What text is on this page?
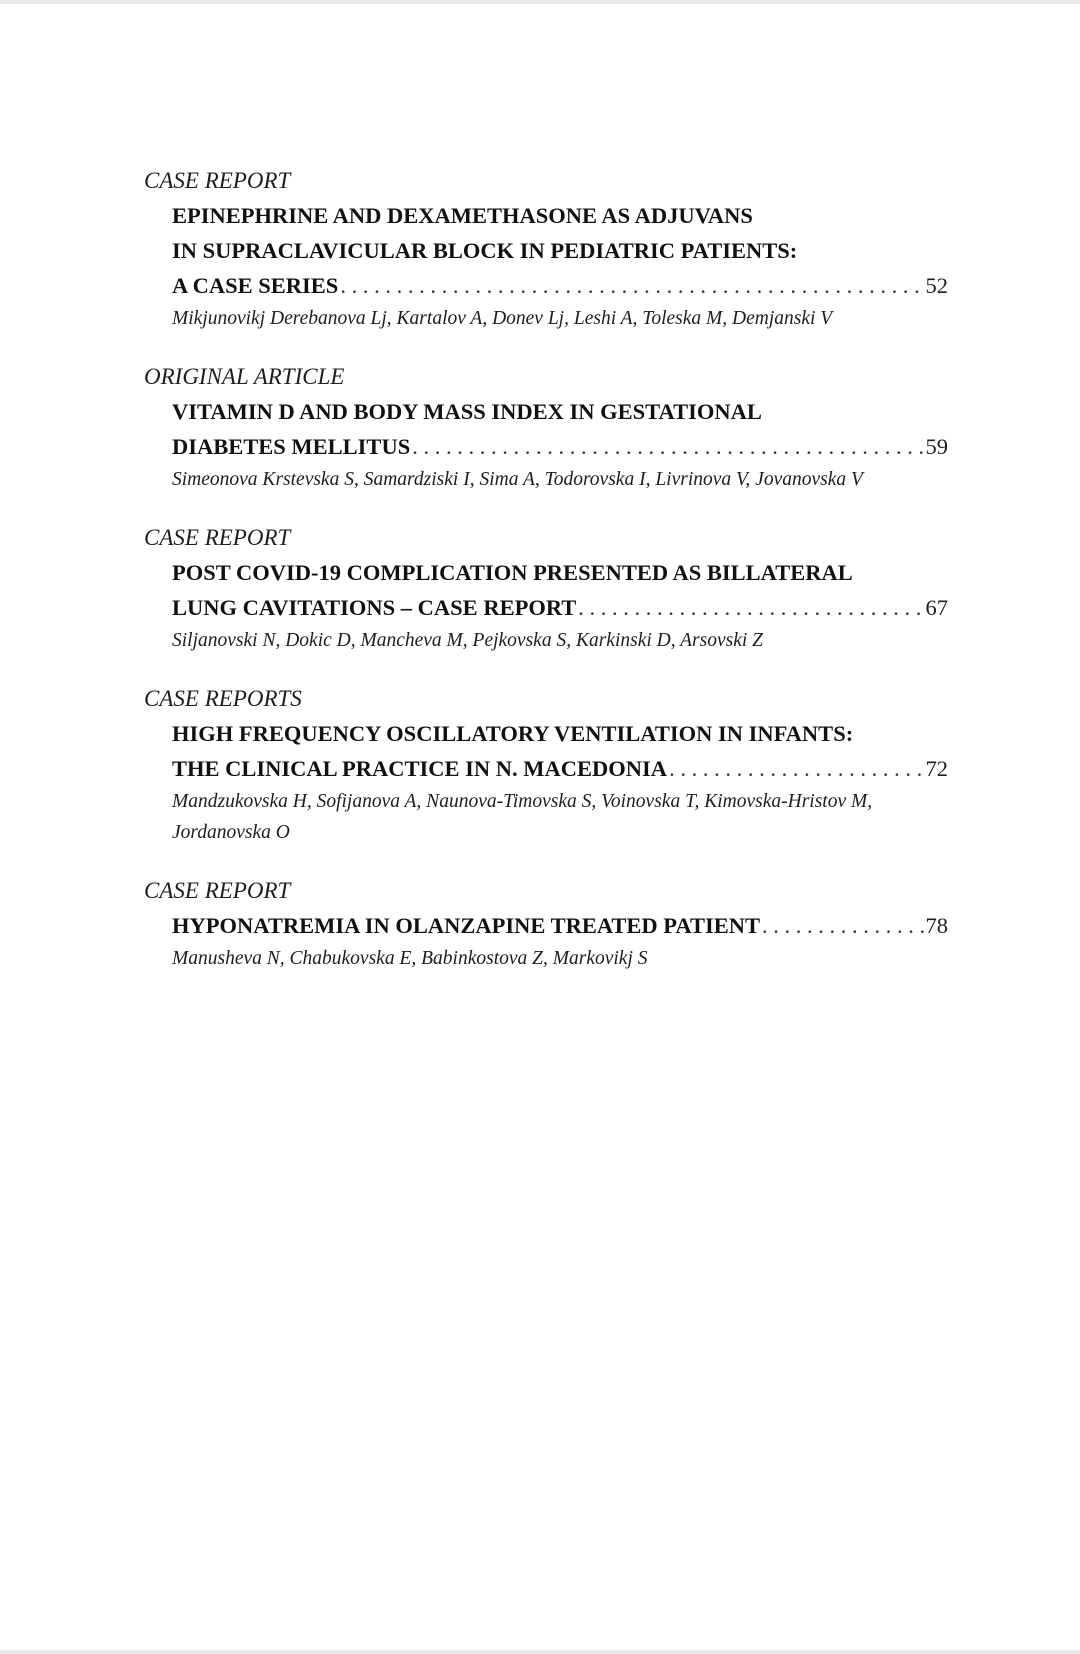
CASE REPORT
EPINEPHRINE AND DEXAMETHASONE AS ADJUVANS
IN SUPRACLAVICULAR BLOCK IN PEDIATRIC PATIENTS:
A CASE SERIES . . .	52
Mikjunovikj Derebanova Lj, Kartalov A, Donev Lj, Leshi A, Toleska M, Demjanski V
ORIGINAL ARTICLE
VITAMIN D AND BODY MASS INDEX IN GESTATIONAL
DIABETES MELLITUS . . .	59
Simeonova Krstevska S, Samardziski I, Sima A, Todorovska I, Livrinova V, Jovanovska V
CASE REPORT
POST COVID-19 COMPLICATION PRESENTED AS BILLATERAL
LUNG CAVITATIONS – CASE REPORT . . .	67
Siljanovski N, Dokic D, Mancheva M, Pejkovska S, Karkinski D, Arsovski Z
CASE REPORTS
HIGH FREQUENCY OSCILLATORY VENTILATION IN INFANTS:
THE CLINICAL PRACTICE IN N. MACEDONIA . . .	72
Mandzukovska H, Sofijanova A, Naunova-Timovska S, Voinovska T, Kimovska-Hristov M, Jordanovska O
CASE REPORT
HYPONATREMIA IN OLANZAPINE TREATED PATIENT . . .	78
Manusheva N, Chabukovska E, Babinkostova Z, Markovikj S
